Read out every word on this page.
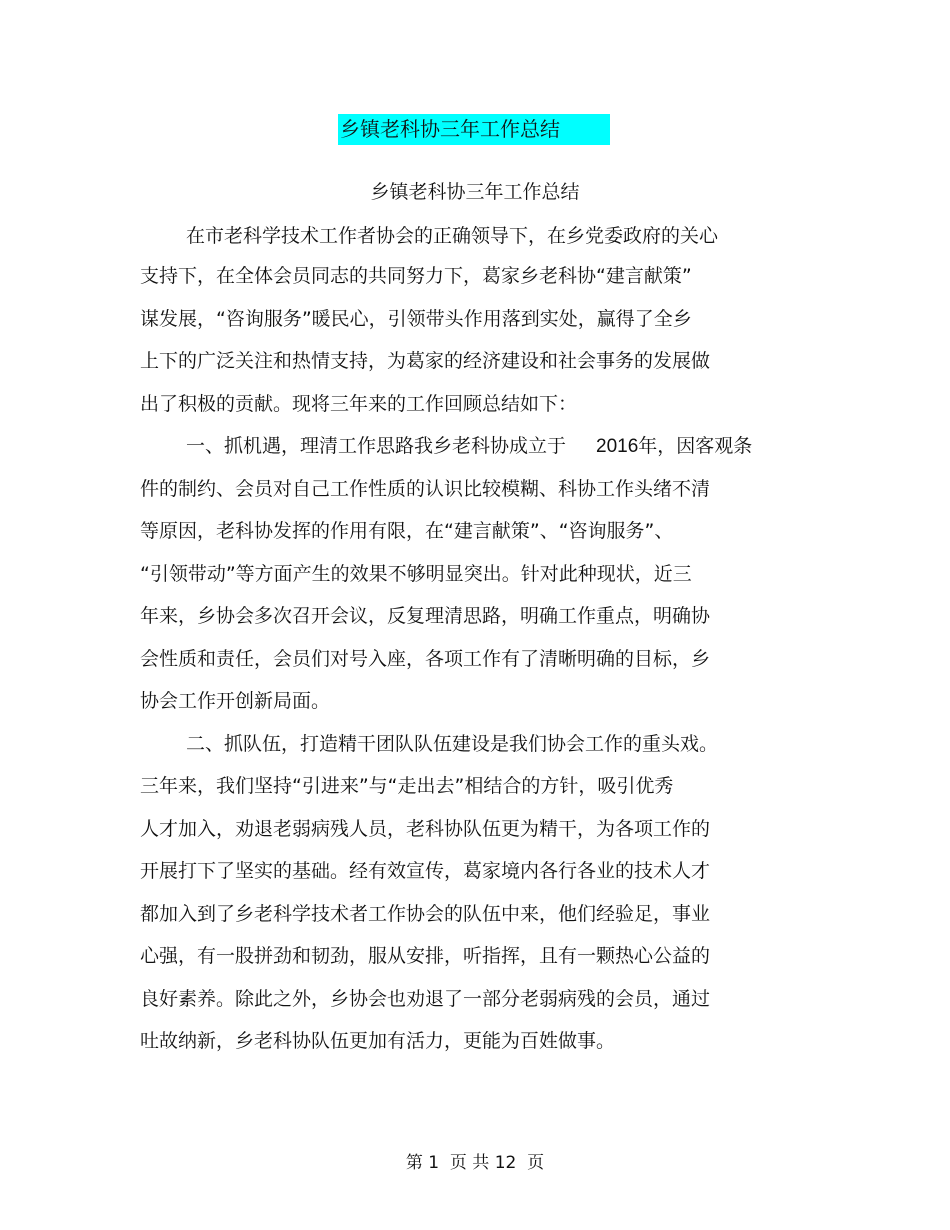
乡镇老科协三年工作总结
乡镇老科协三年工作总结
在市老科学技术工作者协会的正确领导下，在乡党委政府的关心
支持下，在全体会员同志的共同努力下，葛家乡老科协“建言献策”
谋发展，“咨询服务”暖民心，引领带头作用落到实处，赢得了全乡
上下的广泛关注和热情支持，为葛家的经济建设和社会事务的发展做
出了积极的贡献。现将三年来的工作回顾总结如下：
一、抓机遇，理清工作思路我乡老科协成立于 2016年，因客观条
件的制约、会员对自己工作性质的认识比较模糊、科协工作头绪不清
等原因，老科协发挥的作用有限，在“建言献策”、“咨询服务”、
“引领带动”等方面产生的效果不够明显突出。针对此种现状，近三
年来，乡协会多次召开会议，反复理清思路，明确工作重点，明确协
会性质和责任，会员们对号入座，各项工作有了清晰明确的目标，乡
协会工作开创新局面。
二、抓队伍，打造精干团队队伍建设是我们协会工作的重头戏。
三年来，我们坚持“引进来”与“走出去”相结合的方针，吸引优秀
人才加入，劝退老弱病残人员，老科协队伍更为精干，为各项工作的
开展打下了坚实的基础。经有效宣传，葛家境内各行各业的技术人才
都加入到了乡老科学技术者工作协会的队伍中来，他们经验足，事业
心强，有一股拼劲和韧劲，服从安排，听指挥，且有一颗热心公益的
良好素养。除此之外，乡协会也劝退了一部分老弱病残的会员，通过
吐故纳新，乡老科协队伍更加有活力，更能为百姓做事。
第 1  页 共 12  页
